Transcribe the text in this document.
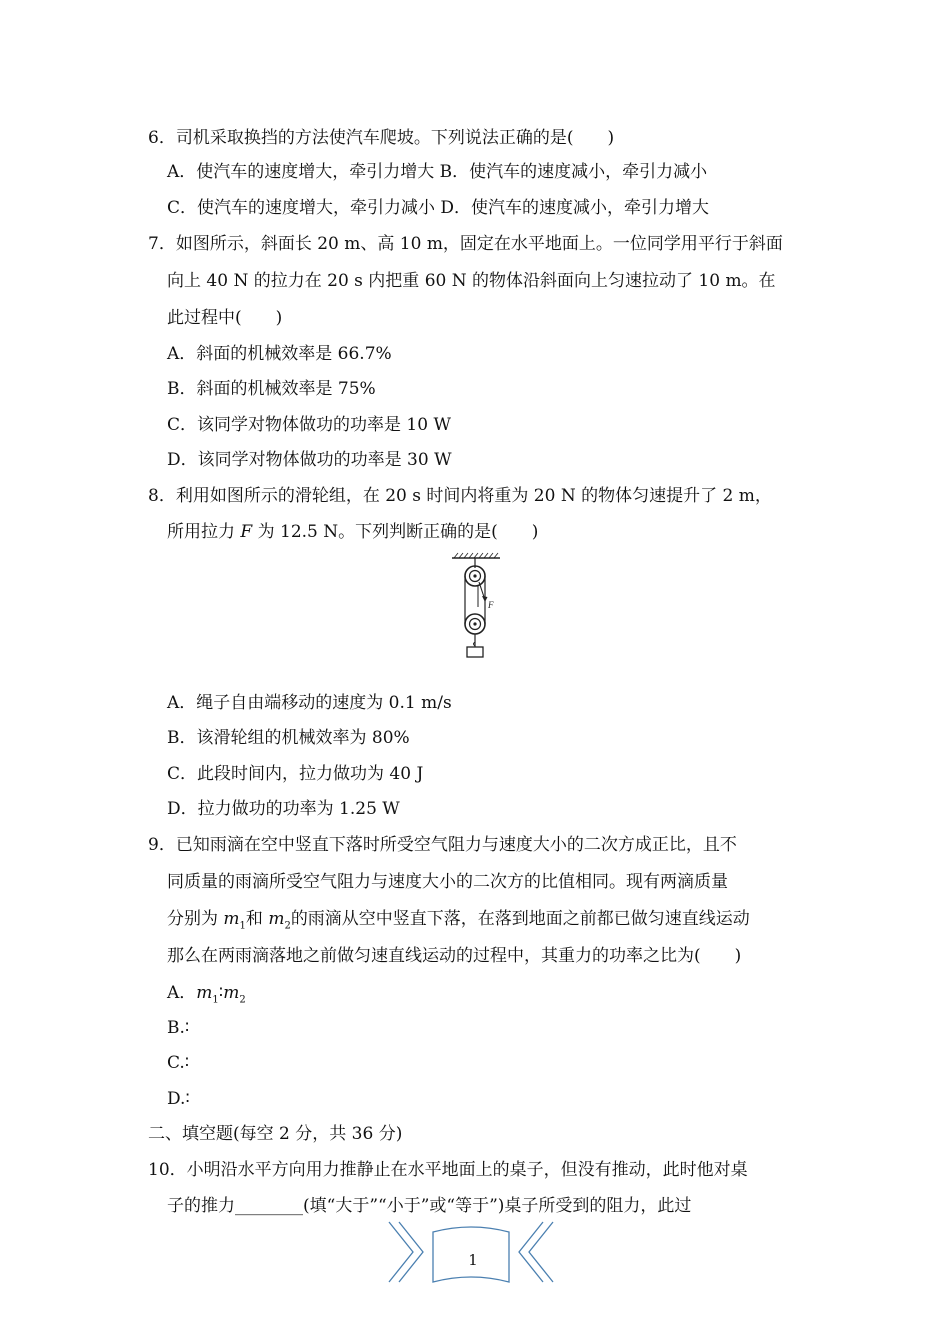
6．司机采取换挡的方法使汽车爬坡。下列说法正确的是(　　)
A．使汽车的速度增大，牵引力增大 B．使汽车的速度减小，牵引力减小
C．使汽车的速度增大，牵引力减小 D．使汽车的速度减小，牵引力增大
7．如图所示，斜面长 20 m、高 10 m，固定在水平地面上。一位同学用平行于斜面
向上 40 N 的拉力在 20 s 内把重 60 N 的物体沿斜面向上匀速拉动了 10 m。在
此过程中(　　)
A．斜面的机械效率是 66.7%
B．斜面的机械效率是 75%
C．该同学对物体做功的功率是 10 W
D．该同学对物体做功的功率是 30 W
8．利用如图所示的滑轮组，在 20 s 时间内将重为 20 N 的物体匀速提升了 2 m，
所用拉力 F 为 12.5 N。下列判断正确的是(　　)
F
A．绳子自由端移动的速度为 0.1 m/s
B．该滑轮组的机械效率为 80%
C．此段时间内，拉力做功为 40 J
D．拉力做功的功率为 1.25 W
9．已知雨滴在空中竖直下落时所受空气阻力与速度大小的二次方成正比，且不
同质量的雨滴所受空气阻力与速度大小的二次方的比值相同。现有两滴质量
分别为 $m_1$和 $m_2$的雨滴从空中竖直下落，在落到地面之前都已做匀速直线运动
那么在两雨滴落地之前做匀速直线运动的过程中，其重力的功率之比为(　　)
A．$m_1∶m_2$
B.∶
C.∶
D.∶
二、填空题(每空 2 分，共 36 分)
10．小明沿水平方向用力推静止在水平地面上的桌子，但没有推动，此时他对桌
子的推力________(填“大于”“小于”或“等于”)桌子所受到的阻力，此过
1
